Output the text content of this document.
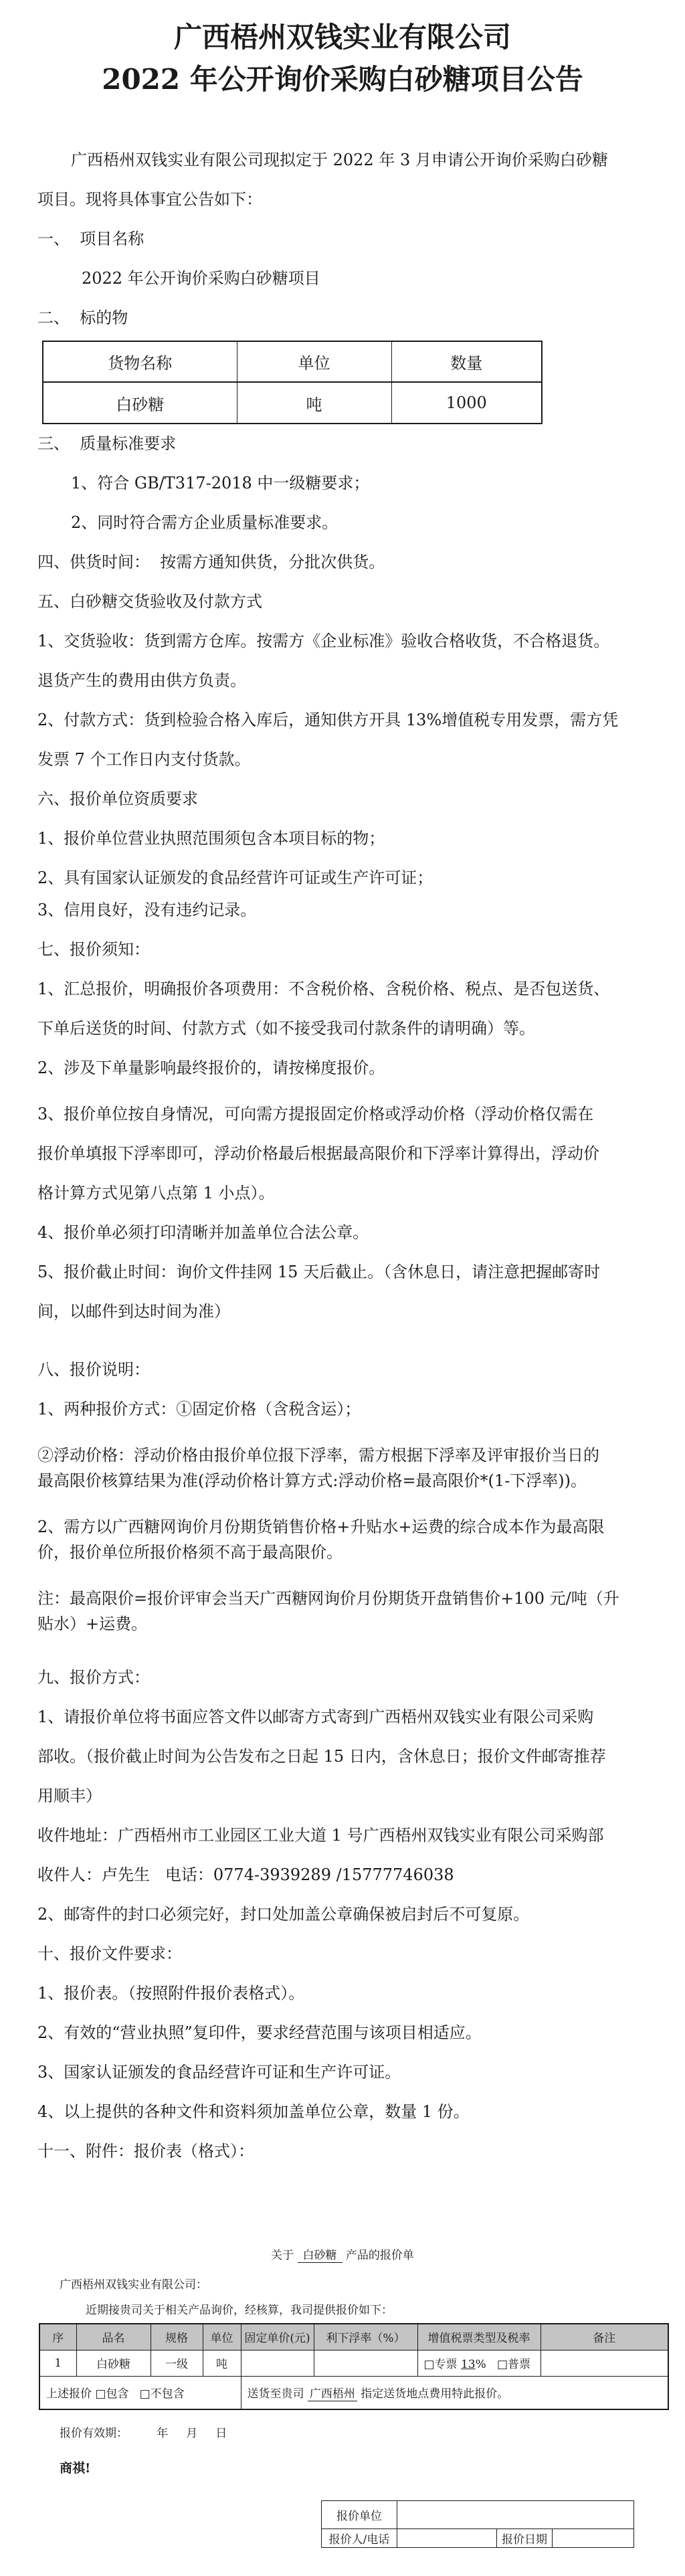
广西梧州双钱实业有限公司
2022 年公开询价采购白砂糖项目公告
广西梧州双钱实业有限公司现拟定于 2022 年 3 月申请公开询价采购白砂糖
项目。现将具体事宜公告如下：
一、  项目名称
2022 年公开询价采购白砂糖项目
二、  标的物
货物名称	单位	数量
白砂糖	吨	1000
三、  质量标准要求
1、符合 GB/T317-2018 中一级糖要求；
2、同时符合需方企业质量标准要求。
四、供货时间：  按需方通知供货，分批次供货。
五、白砂糖交货验收及付款方式
1、交货验收：货到需方仓库。按需方《企业标准》验收合格收货，不合格退货。
退货产生的费用由供方负责。
2、付款方式：货到检验合格入库后，通知供方开具 13%增值税专用发票，需方凭
发票 7 个工作日内支付货款。
六、报价单位资质要求
1、报价单位营业执照范围须包含本项目标的物；
2、具有国家认证颁发的食品经营许可证或生产许可证；
3、信用良好，没有违约记录。
七、报价须知：
1、汇总报价，明确报价各项费用：不含税价格、含税价格、税点、是否包送货、
下单后送货的时间、付款方式（如不接受我司付款条件的请明确）等。
2、涉及下单量影响最终报价的，请按梯度报价。
3、报价单位按自身情况，可向需方提报固定价格或浮动价格（浮动价格仅需在
报价单填报下浮率即可，浮动价格最后根据最高限价和下浮率计算得出，浮动价
格计算方式见第八点第 1 小点）。
4、报价单必须打印清晰并加盖单位合法公章。
5、报价截止时间：询价文件挂网 15 天后截止。（含休息日，请注意把握邮寄时
间，以邮件到达时间为准）
八、报价说明：
1、两种报价方式：①固定价格（含税含运）；
②浮动价格：浮动价格由报价单位报下浮率，需方根据下浮率及评审报价当日的
最高限价核算结果为准(浮动价格计算方式:浮动价格=最高限价*(1-下浮率))。
2、需方以广西糖网询价月份期货销售价格+升贴水+运费的综合成本作为最高限
价，报价单位所报价格须不高于最高限价。
注：最高限价=报价评审会当天广西糖网询价月份期货开盘销售价+100 元/吨（升
贴水）+运费。
九、报价方式：
1、请报价单位将书面应答文件以邮寄方式寄到广西梧州双钱实业有限公司采购
部收。（报价截止时间为公告发布之日起 15 日内，含休息日；报价文件邮寄推荐
用顺丰）
收件地址：广西梧州市工业园区工业大道 1 号广西梧州双钱实业有限公司采购部
收件人：卢先生   电话：0774-3939289 /15777746038
2、邮寄件的封口必须完好，封口处加盖公章确保被启封后不可复原。
十、报价文件要求：
1、报价表。（按照附件报价表格式）。
2、有效的“营业执照”复印件，要求经营范围与该项目相适应。
3、国家认证颁发的食品经营许可证和生产许可证。
4、以上提供的各种文件和资料须加盖单位公章，数量 1 份。
十一、附件：报价表（格式）：
关于 白砂糖 产品的报价单
广西梧州双钱实业有限公司：
近期接贵司关于相关产品询价，经核算，我司提供报价如下：
序	品名	规格	单位	固定单价(元)	利下浮率（%）	增值税票类型及税率	备注
1	白砂糖	一级	吨			□专票 13%   □普票	
上述报价 □包含   □不包含				送货至贵司 广西梧州 指定送货地点费用特此报价。			
报价有效期：        年     月     日
商祺!
报价单位			
报价人/电话		报价日期	
